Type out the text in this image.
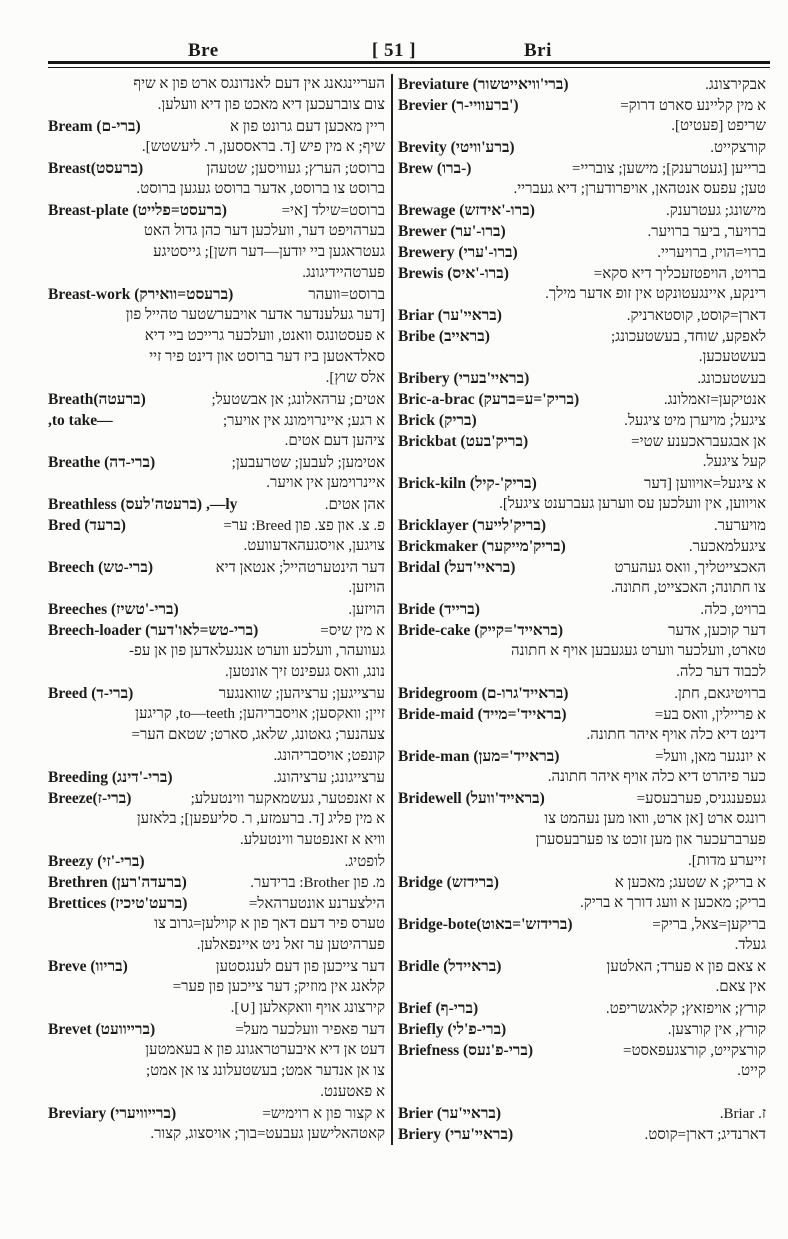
Bre	[ 51 ]	Bri
העריינגאנג אין דעם לאנדונגס ארט פון א שיף
צום צוברעכען דיא מאכט פון דיא וועלען.
Bream (ברי-ם)	ריין מאכען דעם גרונט פון א
שיף; א מין פיש [ד. בראססען, ר. ליעשטש].
Breast(ברעסט)	ברוסט; הערץ; געוויסען; שטעהן
ברוסט צו ברוסט, אדער ברוסט געגען ברוסט.
Breast-plate (ברעסט=פלייט)	ברוסט=שילד [אי=
בערהויפט דער, וועלכען דער כהן גדול האט
געטראגען ביי יודען—דער חשן]; גייסטיגע
פערטהיידיגונג.
Breast-work (ברעסט=וואירק)	ברוסט=וועהר
[דער געלענדער אדער אויבערשטער טהייל פון
א פעסטונגס וואנט, וועלכער גרייכט ביי דיא
סאלדאטען ביז דער ברוסט און דינט פיר זיי
אלס שוץ].
Breath(ברעטה)	אטים; ערהאלונג; אן אבשטעל;
,to take—	א רגע; איינרוימונג אין אויער;
ציהען דעם אטים.
Breathe (ברי-דה)	אטימען; לעבען; שטרעבען;
איינרוימען אין אויער.
Breathless (ברעטה'לעס) ,—ly	אהן אטים.
Bred (ברעד)	פ. צ. און פצ. פון Breed: ער=
צויגען, אויסגעהאדעוועט.
Breech (ברי-טש)	דער הינטערטהייל; אנטאן דיא
הויזען.
Breeches (ברי-'טשיז)	הויזען.
Breech-loader (ברי-טש=לאו'דער)	א מין שיס=
געוועהר, וועלכע ווערט אנגעלאדען פון אן עפ-
נונג, וואס געפינט זיך אונטען.
Breed (ברי-ד)	ערצייגען; ערציהען; שוואנגער
זיין; וואקסען; אויסבריהען; to—teeth, קריגען
צעהנער; גאטונג, שלאג, סארט; שטאם הער=
קונפט; אויסבריהונג.
Breeding (ברי-'דינג)	ערצייגונג; ערציהונג.
Breeze(ברי-ז)	א זאנפטער, געשמאקער ווינטעלע;
א מין פליג [ד. ברעמזע, ר. סליעפען]; בלאזען
וויא א זאנפטער ווינטעלע.
Breezy (ברי-'זי)	לופטיג.
Brethren (ברעדה'רען)	מ. פון Brother: ברידער.
Brettices (ברעט'טיכיז)	הילצערנע אונטערהאל=
טערס פיר דעם דאך פון א קוילען=גרוב צו
פערהיטען ער זאל ניט איינפאלען.
Breve (בריוו)	דער צייכען פון דעם לענגסטען
קלאנג אין מוזיק; דער צייכען פון פער=
קירצונג אויף וואקאלען [∪].
Brevet (ברייוועט)	דער פאפיר וועלכער מעל=
דעט אן דיא איבערטראגונג פון א בעאמטען
צו אן אנדער אמט; בעשטעלונג צו אן אמט;
א פאטענט.
Breviary (ברייוויערי)	א קצור פון א רוימיש=
קאטהאלישען געבעט=בוך; אויסצוג, קצור.
Breviature (ברי'וויאייטשור)	אבקירצונג.
Brevier (ברעוויי-ר')	א מין קליינע סארט דרוק=
שריפט [פעטיט].
Brevity (ברע'וויטי)	קורצקייט.
Brew (ברו-)	ברייען [געטרענק]; מישען; צובריי=
טען; עפעס אנטהאן, אויפרודערן; דיא געבריי.
Brewage (ברו-'אידזש)	מישונג; געטרענק.
Brewer (ברו-'ער)	ברויער, ביער ברויער.
Brewery (ברו-'ערי)	ברוי=הויז, ברויעריי.
Brewis (ברו-'איס)	ברויט, הויפטזעכליך דיא סקא=
רינקע, איינגעטונקט אין זופ אדער מילך.
Briar (בראיי'ער)	דארן=קוסט, קוסטארניק.
Bribe (בראייב)	לאפקע, שוחד, בעשטעכונג;
בעשטעכען.
Bribery (בראיי'בערי)	בעשטעכונג.
Bric-a-brac (בריק'=ע=ברעק)	אנטיקען=זאמלונג.
Brick (בריק)	ציגעל; מויערן מיט ציגעל.
Brickbat (בריק'בעט)	אן אבגעבראכענע שטי=
קעל ציגעל.
Brick-kiln (בריק'-קיל)	א ציגעל=אויווען [דער
אויווען, אין וועלכען עס ווערען געברענט ציגעל].
Bricklayer (בריק'לייער)	מויערער.
Brickmaker (בריק'מייקער)	ציגעלמאכער.
Bridal (בראיי'דעל)	האכצייטליך, וואס געהערט
צו חתונה; האכצייט, חתונה.
Bride (ברייד)	ברויט, כלה.
Bride-cake (בראייד'=קייק)	דער קוכען, אדער
טארט, וועלכער ווערט געגעבען אויף א חתונה
לכבוד דער כלה.
Bridegroom (בראייד'גרו-ם)	ברויטיגאם, חתן.
Bride-maid (בראייד'=מייד)	א פריילין, וואס בע=
דינט דיא כלה אויף איהר חתונה.
Bride-man (בראייד'=מען)	א יונגער מאן, וועל=
כער פיהרט דיא כלה אויף איהר חתונה.
Bridewell (בראייד'וועל)	געפענגניס, פערבעסע=
רונגס ארט [אן ארט, וואו מען נעהמט צו
פערברעכער און מען זוכט צו פערבעסערן
זייערע מדות].
Bridge (ברידזש)	א בריק; א שטעג; מאכען א
בריק; מאכען א וועג דורך א בריק.
Bridge-bote(ברידזש'=באוט)	בריקען=צאל, בריק=
געלד.
Bridle (בראיידל)	א צאם פון א פערד; האלטען
אין צאם.
Brief (ברי-ף)	קורץ; אויפזאץ; קלאגשריפט.
Briefly (ברי-פ'לי)	קורץ, אין קורצען.
Briefness (ברי-פ'נעס)	קורצקייט, קורצגעפאסט=
קייט.
Brier (בראיי'ער)	ז. Briar.
Briery (בראיי'ערי)	דארנדיג; דארן=קוסט.
